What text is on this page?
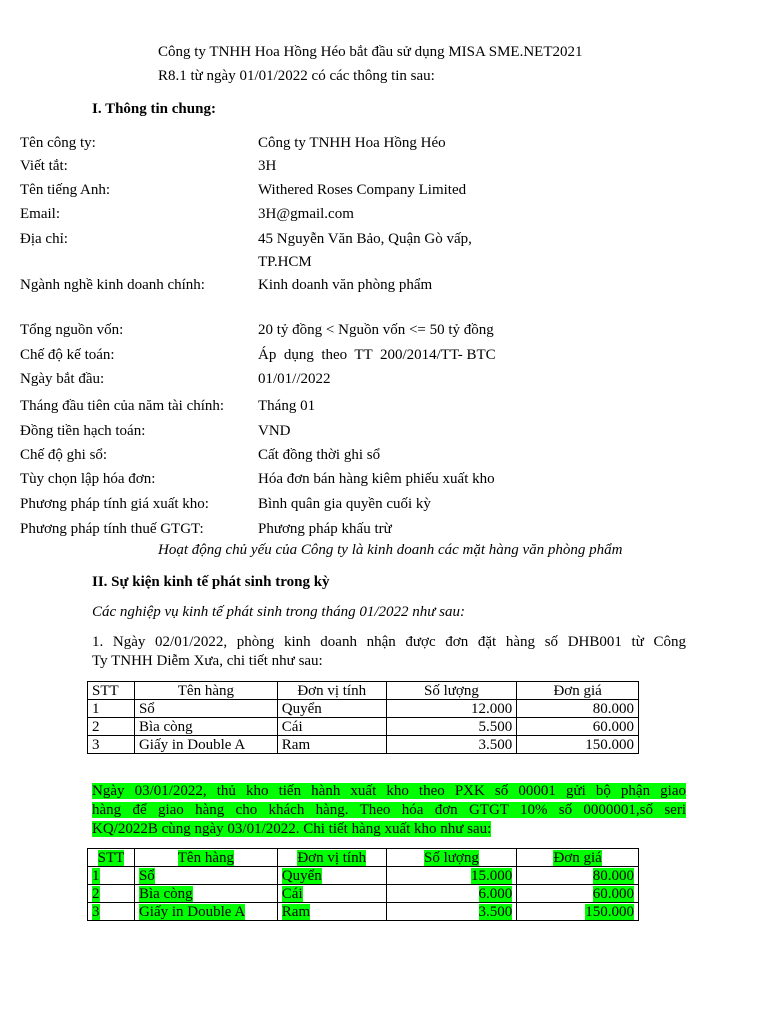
Công ty TNHH Hoa Hồng Héo bắt đầu sử dụng MISA SME.NET2021
R8.1 từ ngày 01/01/2022 có các thông tin sau:
I. Thông tin chung:
Tên công ty:	Công ty TNHH Hoa Hồng Héo
Viết tắt:	3H
Tên tiếng Anh:	Withered Roses Company Limited
Email:	3H@gmail.com
Địa chỉ:	45 Nguyễn Văn Bảo, Quận Gò vấp,
TP.HCM
Ngành nghề kinh doanh chính:	Kinh doanh văn phòng phẩm
Tổng nguồn vốn:	20 tỷ đồng < Nguồn vốn <= 50 tỷ đồng
Chế độ kế toán:	Áp  dụng  theo  TT  200/2014/TT- BTC
Ngày bắt đầu:	01/01//2022
Tháng đầu tiên của năm tài chính: Tháng 01
Đồng tiền hạch toán:	VND
Chế độ ghi sổ:	Cất đồng thời ghi sổ
Tùy chọn lập hóa đơn:	Hóa đơn bán hàng kiêm phiếu xuất kho
Phương pháp tính giá xuất kho:	Bình quân gia quyền cuối kỳ
Phương pháp tính thuế GTGT:	Phương pháp khấu trừ
Hoạt động chủ yếu của Công ty là kinh doanh các mặt hàng văn phòng phẩm
II. Sự kiện kinh tế phát sinh trong kỳ
Các nghiệp vụ kinh tế phát sinh trong tháng 01/2022 như sau:
1.  Ngày  02/01/2022,  phòng  kinh  doanh  nhận  được  đơn  đặt  hàng  số  DHB001  từ  Công
Ty TNHH Diễm Xưa, chi tiết như sau:
STT	Tên hàng	Đơn vị tính	Số lượng	Đơn giá
1	Sổ	Quyển	12.000	80.000
2	Bìa còng	Cái	5.500	60.000
3	Giấy in Double A	Ram	3.500	150.000
Ngày 03/01/2022, thủ kho tiến hành xuất kho theo PXK số 00001 gửi bộ phận giao
hàng để giao hàng cho khách hàng. Theo hóa đơn GTGT 10% số 0000001,số seri
KQ/2022B cùng ngày 03/01/2022. Chi tiết hàng xuất kho như sau:
STT	Tên hàng	Đơn vị tính	Số lượng	Đơn giá
1	Sổ	Quyển	15.000	80.000
2	Bìa còng	Cái	6.000	60.000
3	Giấy in Double A	Ram	3.500	150.000
